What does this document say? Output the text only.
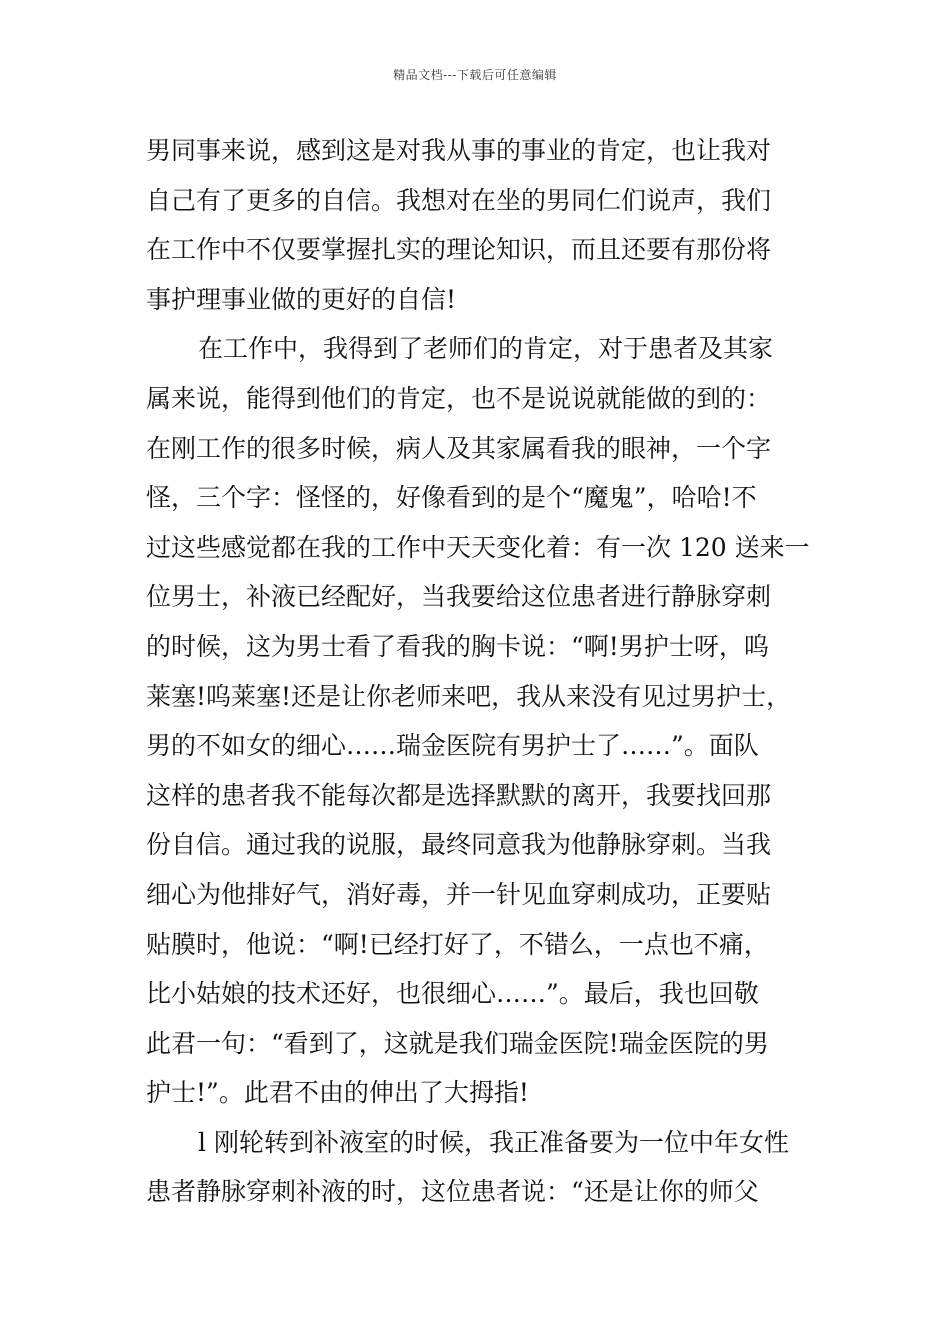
精品文档---下载后可任意编辑
男同事来说，感到这是对我从事的事业的肯定，也让我对
自己有了更多的自信。我想对在坐的男同仁们说声，我们
在工作中不仅要掌握扎实的理论知识，而且还要有那份将
事护理事业做的更好的自信!
在工作中，我得到了老师们的肯定，对于患者及其家
属来说，能得到他们的肯定，也不是说说就能做的到的：
在刚工作的很多时候，病人及其家属看我的眼神，一个字
怪，三个字：怪怪的，好像看到的是个“魔鬼”，哈哈!不
过这些感觉都在我的工作中天天变化着：有一次 120 送来一
位男士，补液已经配好，当我要给这位患者进行静脉穿刺
的时候，这为男士看了看我的胸卡说：“啊!男护士呀，呜
莱塞!呜莱塞!还是让你老师来吧，我从来没有见过男护士，
男的不如女的细心……瑞金医院有男护士了……”。面队
这样的患者我不能每次都是选择默默的离开，我要找回那
份自信。通过我的说服，最终同意我为他静脉穿刺。当我
细心为他排好气，消好毒，并一针见血穿刺成功，正要贴
贴膜时，他说：“啊!已经打好了，不错么，一点也不痛，
比小姑娘的技术还好，也很细心……”。最后，我也回敬
此君一句：“看到了，这就是我们瑞金医院!瑞金医院的男
护士!”。此君不由的伸出了大拇指!
l 刚轮转到补液室的时候，我正准备要为一位中年女性
患者静脉穿刺补液的时，这位患者说：“还是让你的师父
